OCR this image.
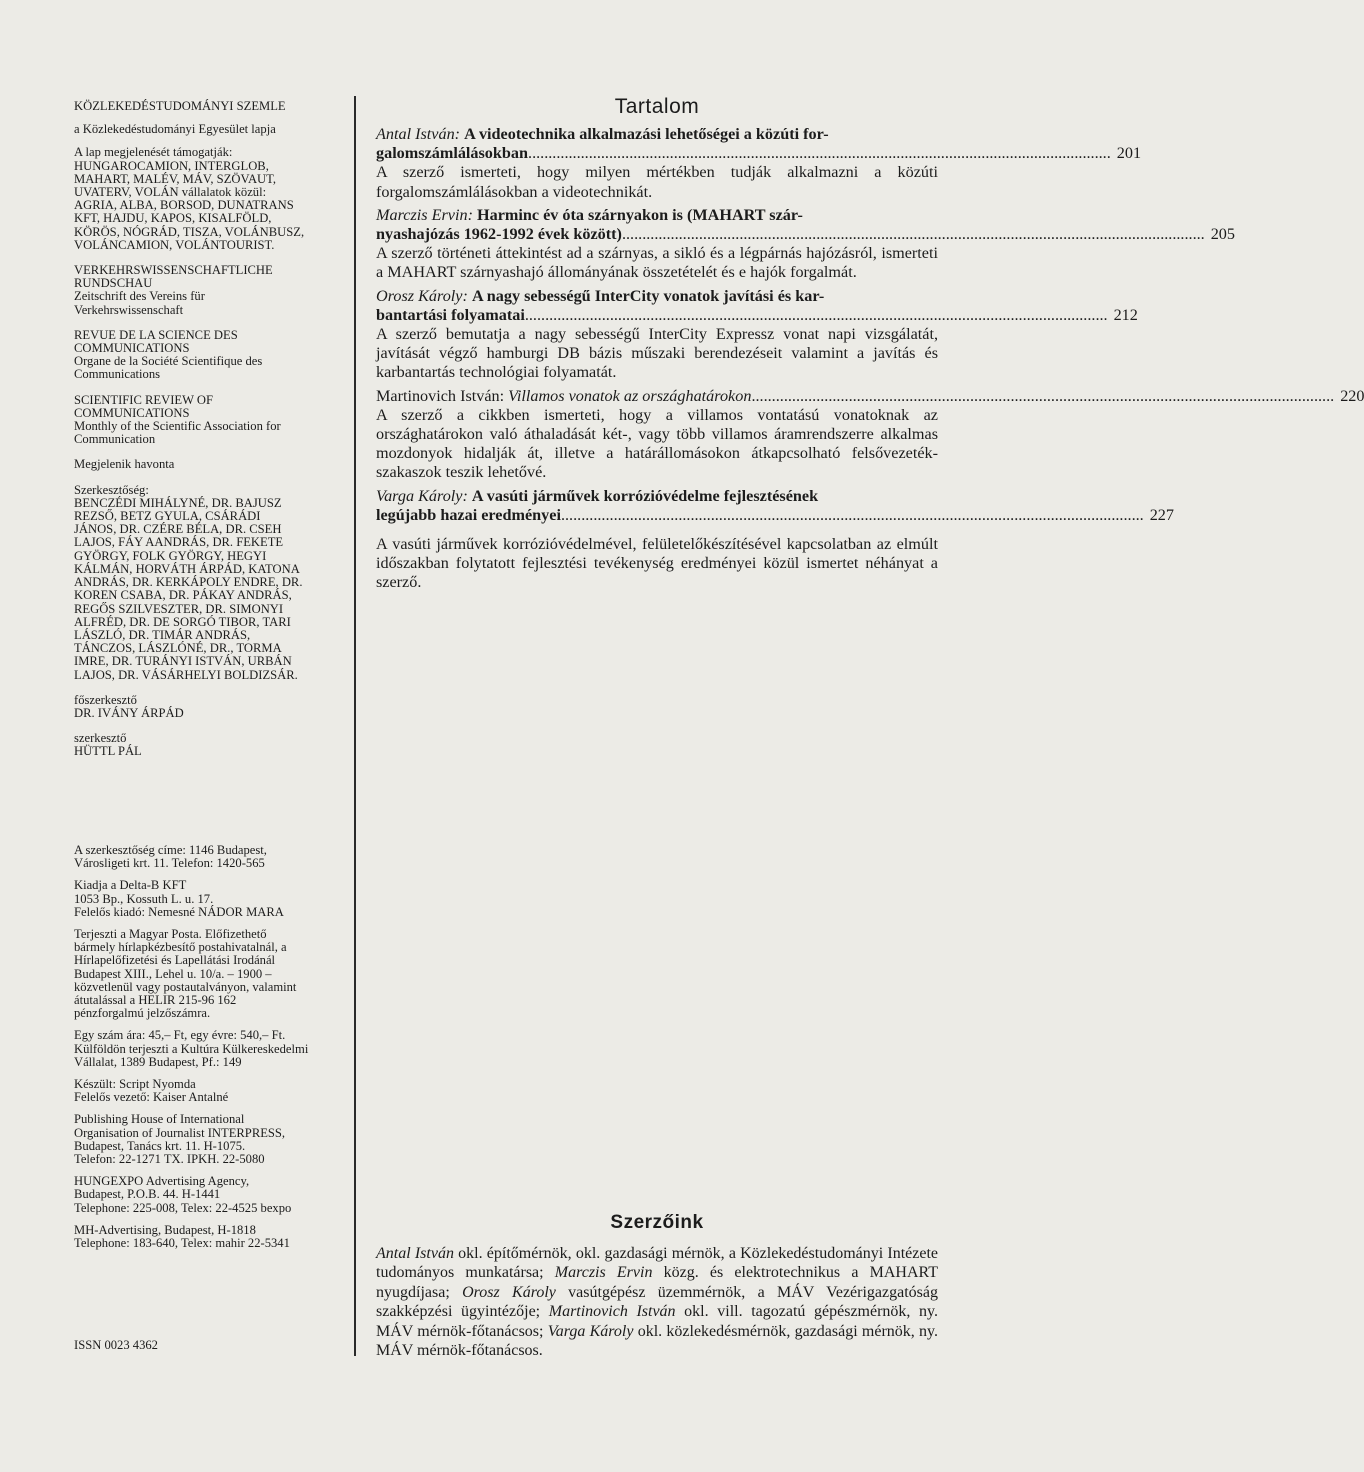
KÖZLEKEDÉSTUDOMÁNYI SZEMLE

a Közlekedéstudományi Egyesület lapja

A lap megjelenését támogatják:
HUNGAROCAMION, INTERGLOB,
MAHART, MALÉV, MÁV, SZÖVAUT,
UVATERV, VOLÁN vállalatok közül:
AGRIA, ALBA, BORSOD, DUNATRANS
KFT, HAJDU, KAPOS, KISALFÖLD,
KÖRÖS, NÓGRÁD, TISZA, VOLÁNBUSZ,
VOLÁNCAMION, VOLÁNTOURIST.

VERKEHRSWISSENSCHAFTLICHE
RUNDSCHAU
Zeitschrift des Vereins für
Verkehrswissenschaft

REVUE DE LA SCIENCE DES
COMMUNICATIONS
Organe de la Société Scientifique des
Communications

SCIENTIFIC REVIEW OF
COMMUNICATIONS
Monthly of the Scientific Association for
Communication

Megjelenik havonta

Szerkesztőség:
BENCZÉDI MIHÁLYNÉ, DR. BAJUSZ
REZSŐ, BETZ GYULA, CSÁRÁDI
JÁNOS, DR. CZÉRE BÉLA, DR. CSEH
LAJOS, FÁY AANDRÁS, DR. FEKETE
GYÖRGY, FOLK GYÖRGY, HEGYI
KÁLMÁN, HORVÁTH ÁRPÁD, KATONA
ANDRÁS, DR. KERKÁPOLY ENDRE, DR.
KOREN CSABA, DR. PÁKAY ANDRÁS,
REGŐS SZILVESZTER, DR. SIMONYI
ALFRÉD, DR. DE SORGÓ TIBOR, TARI
LÁSZLÓ, DR. TIMÁR ANDRÁS,
TÁNCZOS, LÁSZLÓNÉ, DR., TORMA
IMRE, DR. TURÁNYI ISTVÁN, URBÁN
LAJOS, DR. VÁSÁRHELYI BOLDIZSÁR.

főszerkesztő
DR. IVÁNY ÁRPÁD

szerkesztő
HÜTTL PÁL

A szerkesztőség címe: 1146 Budapest,
Városligeti krt. 11. Telefon: 1420-565

Kiadja a Delta-B KFT
1053 Bp., Kossuth L. u. 17.
Felelős kiadó: Nemesné NÁDOR MARA

Terjeszti a Magyar Posta. Előfizethető
bármely hírlapkézbesítő postahivatalnál, a
Hírlapelőfizetési és Lapellátási Irodánál
Budapest XIII., Lehel u. 10/a. – 1900 –
közvetlenül vagy postautalványon, valamint
átutalással a HELIR 215-96 162
pénzforgalmú jelzőszámra.

Egy szám ára: 45,– Ft, egy évre: 540,– Ft.
Külföldön terjeszti a Kultúra Külkereskedelmi
Vállalat, 1389 Budapest, Pf.: 149

Készült: Script Nyomda
Felelős vezető: Kaiser Antalné

Publishing House of International
Organisation of Journalist INTERPRESS,
Budapest, Tanács krt. 11. H-1075.
Telefon: 22-1271 TX. IPKH. 22-5080

HUNGEXPO Advertising Agency,
Budapest, P.O.B. 44. H-1441
Telephone: 225-008, Telex: 22-4525 bexpo

MH-Advertising, Budapest, H-1818
Telephone: 183-640, Telex: mahir 22-5341

ISSN 0023 4362
Tartalom
Antal István: A videotechnika alkalmazási lehetőségei a közúti for-
galomszámlálásokban................................................................................................................................................ 201

A szerző ismerteti, hogy milyen mértékben tudják alkalmazni a közúti forgalomszámlálásokban a videotechnikát.

Marczis Ervin: Harminc év óta szárnyakon is (MAHART szár-
nyashajózás 1962-1992 évek között)................................................................................................................................................ 205

A szerző történeti áttekintést ad a szárnyas, a sikló és a légpárnás hajózásról, ismerteti a MAHART szárnyashajó állományának összetételét és e hajók forgalmát.

Orosz Károly: A nagy sebességű InterCity vonatok javítási és kar-
bantartási folyamatai................................................................................................................................................ 212

A szerző bemutatja a nagy sebességű InterCity Expressz vonat napi vizsgálatát, javítását végző hamburgi DB bázis műszaki berendezéseit valamint a javítás és karbantartás technológiai folyamatát.

Martinovich István: Villamos vonatok az országhatárokon................................................................................................................................................ 220

A szerző a cikkben ismerteti, hogy a villamos vontatású vonatoknak az országhatárokon való áthaladását két-, vagy több villamos áramrendszerre alkalmas mozdonyok hidalják át, illetve a határállomásokon átkapcsolható felsővezeték-szakaszok teszik lehetővé.

Varga Károly: A vasúti járművek korrózióvédelme fejlesztésének
legújabb hazai eredményei................................................................................................................................................ 227

A vasúti járművek korrózióvédelmével, felületelőkészítésével kapcsolatban az elmúlt időszakban folytatott fejlesztési tevékenység eredményei közül ismertet néhányat a szerző.

Szerzőink
Antal István okl. építőmérnök, okl. gazdasági mérnök, a Közlekedéstudományi Intézete tudományos munkatársa; Marczis Ervin közg. és elektrotechnikus a MAHART nyugdíjasa; Orosz Károly vasútgépész üzemmérnök, a MÁV Vezérigazgatóság szakképzési ügyintézője; Martinovich István okl. vill. tagozatú gépészmérnök, ny. MÁV mérnök-főtanácsos; Varga Károly okl. közlekedésmérnök, gazdasági mérnök, ny. MÁV mérnök-főtanácsos.
